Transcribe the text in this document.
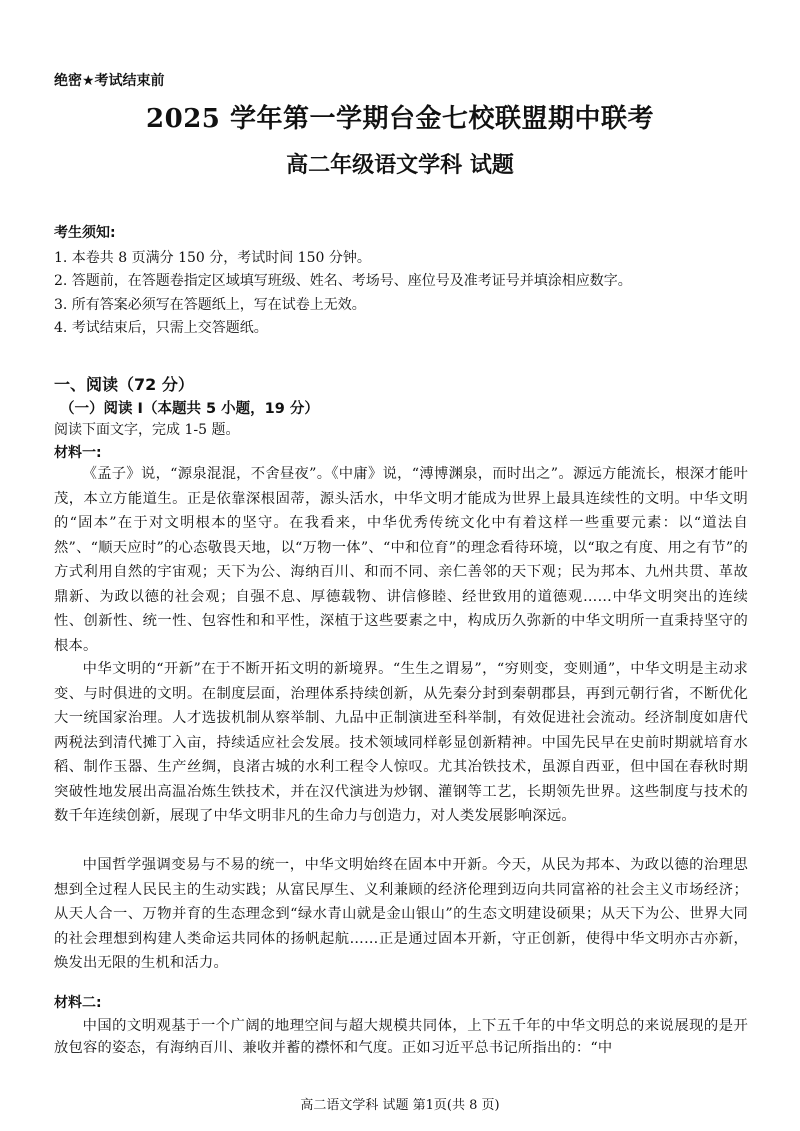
绝密★考试结束前
2025 学年第一学期台金七校联盟期中联考
高二年级语文学科 试题
考生须知:
1. 本卷共 8 页满分 150 分，考试时间 150 分钟。
2. 答题前，在答题卷指定区域填写班级、姓名、考场号、座位号及准考证号并填涂相应数字。
3. 所有答案必须写在答题纸上，写在试卷上无效。
4. 考试结束后，只需上交答题纸。
一、阅读（72 分）
（一）阅读 Ⅰ（本题共 5 小题，19 分）
阅读下面文字，完成 1-5 题。
材料一:
《孟子》说，“源泉混混，不舍昼夜”。《中庸》说，“溥博渊泉，而时出之”。源远方能流长，根深才能叶茂，本立方能道生。正是依靠深根固蒂，源头活水，中华文明才能成为世界上最具连续性的文明。中华文明的“固本”在于对文明根本的坚守。在我看来，中华优秀传统文化中有着这样一些重要元素：以“道法自然”、“顺天应时”的心态敬畏天地，以“万物一体”、“中和位育”的理念看待环境，以“取之有度、用之有节”的方式利用自然的宇宙观；天下为公、海纳百川、和而不同、亲仁善邻的天下观；民为邦本、九州共贯、革故鼎新、为政以德的社会观；自强不息、厚德载物、讲信修睦、经世致用的道德观……中华文明突出的连续性、创新性、统一性、包容性和和平性，深植于这些要素之中，构成历久弥新的中华文明所一直秉持坚守的根本。
中华文明的“开新”在于不断开拓文明的新境界。“生生之谓易”，“穷则变，变则通”，中华文明是主动求变、与时俱进的文明。在制度层面，治理体系持续创新，从先秦分封到秦朝郡县，再到元朝行省，不断优化大一统国家治理。人才选拔机制从察举制、九品中正制演进至科举制，有效促进社会流动。经济制度如唐代两税法到清代摊丁入亩，持续适应社会发展。技术领域同样彰显创新精神。中国先民早在史前时期就培育水稻、制作玉器、生产丝绸，良渚古城的水利工程令人惊叹。尤其冶铁技术，虽源自西亚，但中国在春秋时期突破性地发展出高温冶炼生铁技术，并在汉代演进为炒钢、灌钢等工艺，长期领先世界。这些制度与技术的数千年连续创新，展现了中华文明非凡的生命力与创造力，对人类发展影响深远。
中国哲学强调变易与不易的统一，中华文明始终在固本中开新。今天，从民为邦本、为政以德的治理思想到全过程人民民主的生动实践；从富民厚生、义利兼顾的经济伦理到迈向共同富裕的社会主义市场经济；从天人合一、万物并育的生态理念到“绿水青山就是金山银山”的生态文明建设硕果；从天下为公、世界大同的社会理想到构建人类命运共同体的扬帆起航……正是通过固本开新，守正创新，使得中华文明亦古亦新，焕发出无限的生机和活力。
材料二:
中国的文明观基于一个广阔的地理空间与超大规模共同体，上下五千年的中华文明总的来说展现的是开放包容的姿态，有海纳百川、兼收并蓄的襟怀和气度。正如习近平总书记所指出的：“中
高二语文学科 试题 第1页(共 8 页)
